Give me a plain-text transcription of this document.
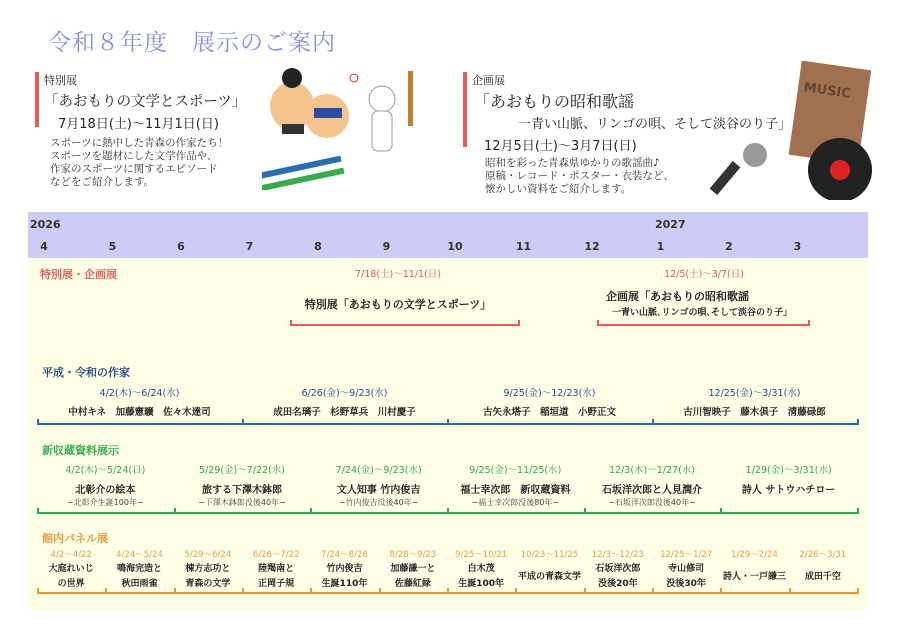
令和８年度　展示のご案内
特別展
「あおもりの文学とスポーツ」
7月18日(土)〜11月1日(日)
スポーツに熱中した青森の作家たち！
スポーツを題材にした文学作品や、
作家のスポーツに関するエピソード
などをご紹介します。
企画展
「あおもりの昭和歌謡
一青い山脈、リンゴの唄、そして淡谷のり子」
12月5日(土)〜3月7日(日)
昭和を彩った青森県ゆかりの歌謡曲♪
原稿・レコード・ポスター・衣装など、
懐かしい資料をご紹介します。
MUSIC
2026	2027
4	5	6	7	8	9	10	11	12	1	2	3
特別展・企画展	7/18(土)〜11/1(日)
特別展「あおもりの文学とスポーツ」
12/5(土)〜3/7(日)
企画展「あおもりの昭和歌謡
一青い山脈､リンゴの唄､そして淡谷のり子」
平成・令和の作家
新収蔵資料展示
館内パネル展
4/2(木)〜6/24(水)
中村キネ　加藤憲曠　佐々木達司
6/26(金)〜9/23(水)
成田名璃子　杉野草兵　川村慶子
9/25(金)〜12/23(水)
古矢永塔子　稲垣道　小野正文
12/25(金)〜3/31(水)
古川智映子　藤木倶子　清藤碌郎
4/2(木)〜5/24(日)
北彰介の絵本
−北彰介生誕100年−
5/29(金)〜7/22(水)
旅する下澤木鉢郎
−下澤木鉢郎没後40年−
7/24(金)〜9/23(水)
文人知事 竹内俊吉
−竹内俊吉没後40年−
9/25(金)〜11/25(水)
福士幸次郎　新収蔵資料
−福士幸次郎没後80年−
12/3(木)〜1/27(水)
石坂洋次郎と人見潤介
−石坂洋次郎没後40年−
1/29(金)〜3/31(水)
詩人 サトウハチロー
4/2〜4/22
大庭れいじ
の世界
4/24〜5/24
鳴海完造と
秋田雨雀
5/29〜6/24
棟方志功と
青森の文学
6/26〜7/22
陸羯南と
正岡子規
7/24〜8/26
竹内俊吉
生誕110年
8/28〜9/23
加藤謙一と
佐藤紅緑
9/25〜10/21
白木茂
生誕100年
10/23〜11/25
平成の青森文学
12/3〜12/23
石坂洋次郎
没後20年
12/25〜1/27
寺山修司
没後30年
1/29〜2/24
詩人・一戸謙三
2/26〜3/31
成田千空
